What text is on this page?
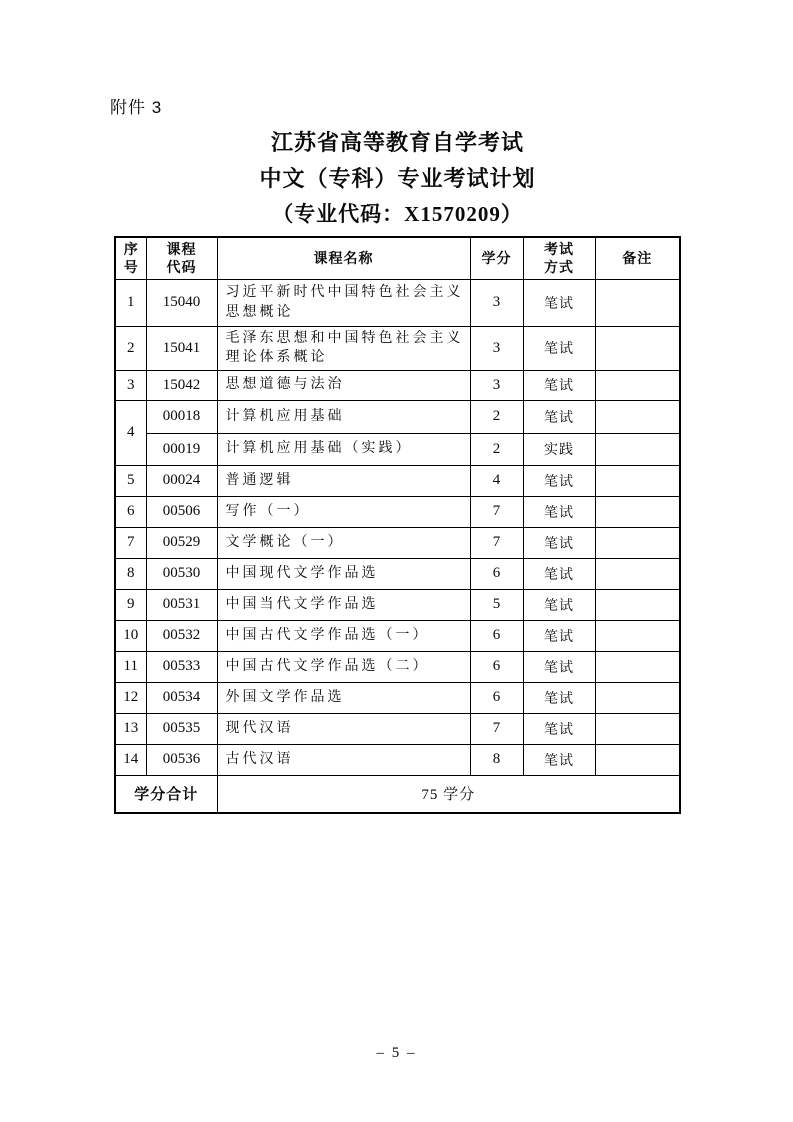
附件 3
江苏省高等教育自学考试
中文（专科）专业考试计划
（专业代码：X1570209）
序号	课程代码	课程名称	学分	考试方式	备注
1	15040	习近平新时代中国特色社会主义思想概论	3	笔试	
2	15041	毛泽东思想和中国特色社会主义理论体系概论	3	笔试	
3	15042	思想道德与法治	3	笔试	
4	00018	计算机应用基础	2	笔试	
	00019	计算机应用基础（实践）	2	实践	
5	00024	普通逻辑	4	笔试	
6	00506	写作（一）	7	笔试	
7	00529	文学概论（一）	7	笔试	
8	00530	中国现代文学作品选	6	笔试	
9	00531	中国当代文学作品选	5	笔试	
10	00532	中国古代文学作品选（一）	6	笔试	
11	00533	中国古代文学作品选（二）	6	笔试	
12	00534	外国文学作品选	6	笔试	
13	00535	现代汉语	7	笔试	
14	00536	古代汉语	8	笔试	
学分合计		75 学分			
– 5 –
